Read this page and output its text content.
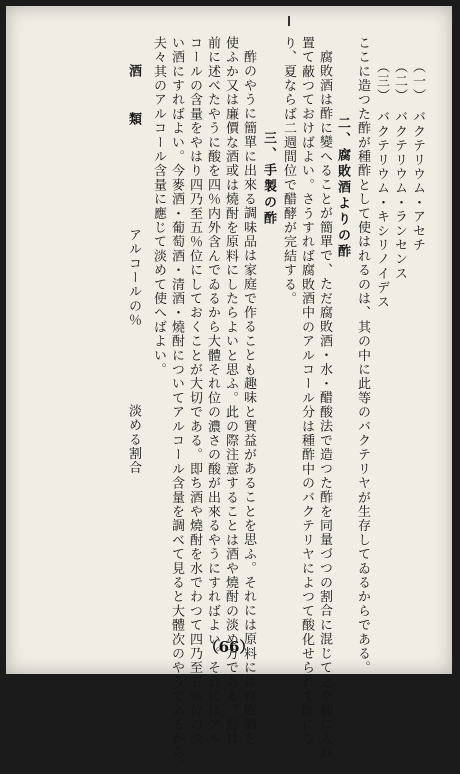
（一）　バクテリウム・アセチ
（二）　バクテリウム・ランセンス
（三）　バクテリウム・キシリノイデス
ここに造つた酢が種酢として使はれるのは、其の中に此等のバクテリヤが生存してゐるからである。
二、腐敗酒よりの酢
腐敗酒は酢に變へることが簡單で、ただ腐敗酒・水・醋酸法で造つた酢を同量づつの割合に混じて之を桶に入れ
置て蔽つておけばよい。さうすれば腐敗酒中のアルコール分は種酢中のバクテリヤによつて酸化せられて酢にな
り、夏ならば二週間位で醋酵が完結する。
三、手製の酢
酢のやうに簡單に出來る調味品は家庭で作ることも趣味と實益があることを思ふ。それには原料には腐敗酒を
使ふか又は廉價な酒或は燒酎を原料にしたらよいと思ふ。此の際注意することは酒や燒酎の淡め方である。酢は
前に述べたやうに酸を四％内外含んでゐるから大體それ位の濃さの酸が出來るやうにすればよい。それにはアル
コールの含量をやはり四乃至五％位にしておくことが大切である。即ち酒や燒酎を水でわつて四乃至五％位の淡
い酒にすればよい。今麥酒・葡萄酒・清酒・燒酎についてアルコール含量を調べて見ると大體次のやうであるから、
夫々其のアルコール含量に應じて淡めて使へばよい。
酒　　類
アルコールの％
淡める割合
（66）
